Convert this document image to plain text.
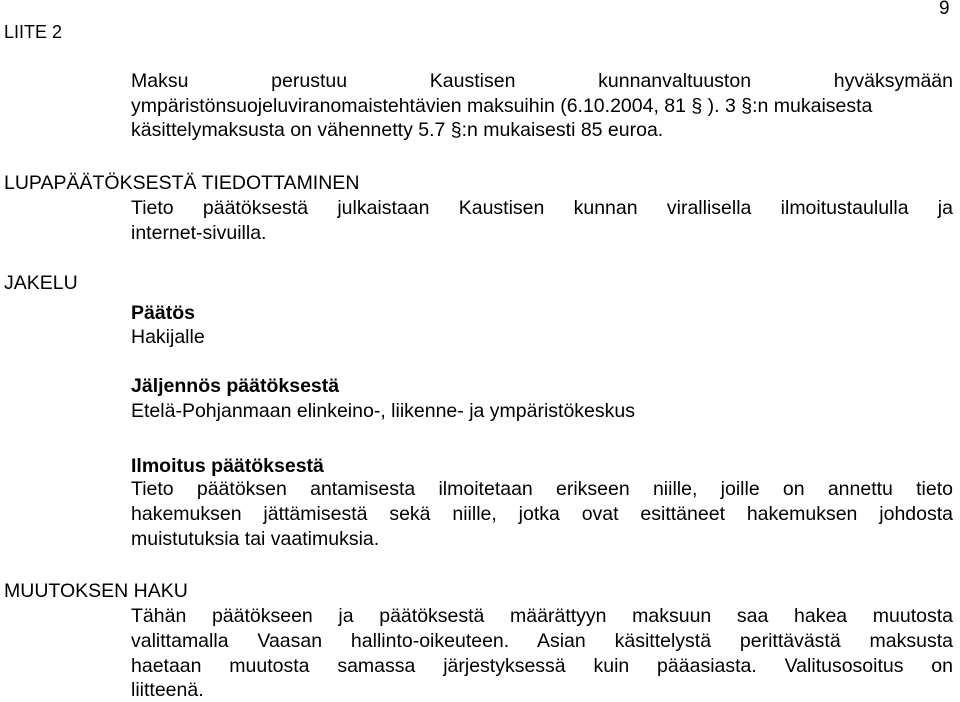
LIITE 2
9
Maksu perustuu Kaustisen kunnanvaltuuston hyväksymään
ympäristönsuojeluviranomaistehtävien maksuihin (6.10.2004, 81 § ). 3 §:n mukaisesta
käsittelymaksusta on vähennetty 5.7 §:n mukaisesti 85 euroa.
LUPAPÄÄTÖKSESTÄ TIEDOTTAMINEN
Tieto päätöksestä julkaistaan Kaustisen kunnan virallisella ilmoitustaululla ja
internet-sivuilla.
JAKELU
Päätös
Hakijalle
Jäljennös päätöksestä
Etelä-Pohjanmaan elinkeino-, liikenne- ja ympäristökeskus
Ilmoitus päätöksestä
Tieto päätöksen antamisesta ilmoitetaan erikseen niille, joille on annettu tieto
hakemuksen jättämisestä sekä niille, jotka ovat esittäneet hakemuksen johdosta
muistutuksia tai vaatimuksia.
MUUTOKSEN HAKU
Tähän päätökseen ja päätöksestä määrättyyn maksuun saa hakea muutosta
valittamalla Vaasan hallinto-oikeuteen. Asian käsittelystä perittävästä maksusta
haetaan muutosta samassa järjestyksessä kuin pääasiasta. Valitusosoitus on
liitteenä.
